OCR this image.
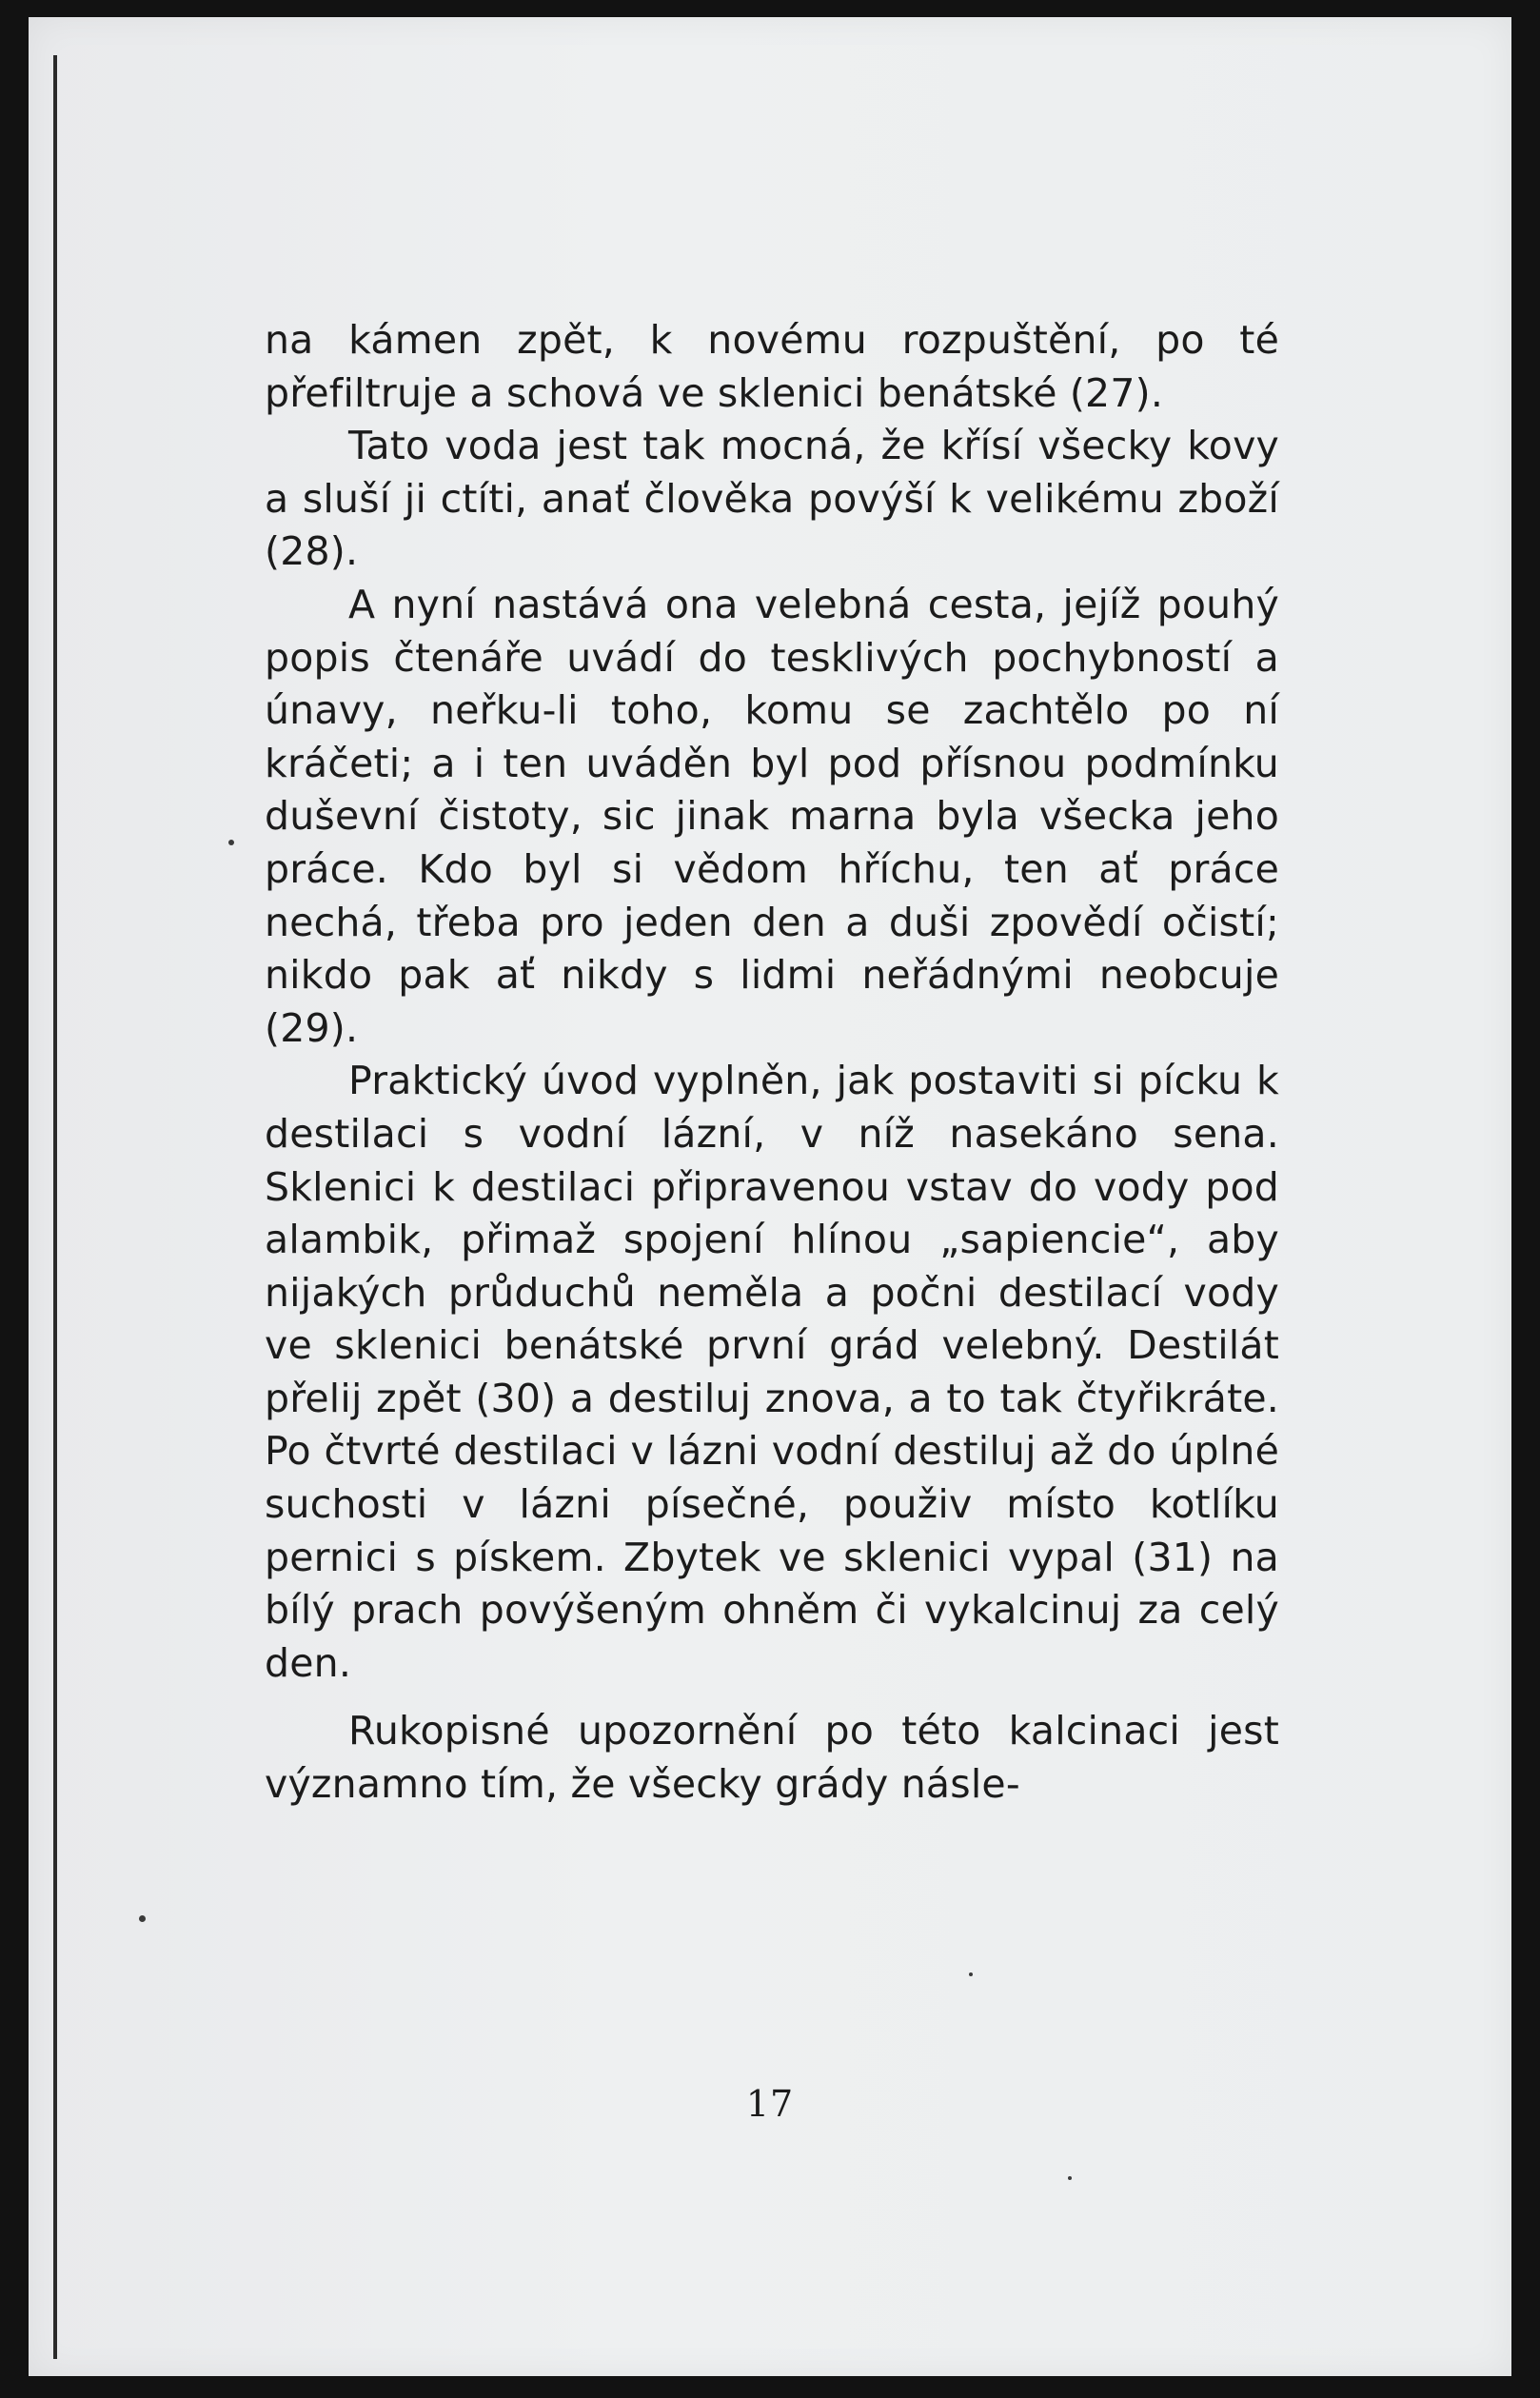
na kámen zpět, k novému rozpuštění, po té přefiltruje a schová ve sklenici benátské (27).

Tato voda jest tak mocná, že křísí všecky kovy a sluší ji ctíti, anať člověka povýší k velikému zboží (28).

A nyní nastává ona velebná cesta, jejíž pouhý popis čtenáře uvádí do tesklivých pochybností a únavy, neřku-li toho, komu se zachtělo po ní kráčeti; a i ten uváděn byl pod přísnou podmínku duševní čistoty, sic jinak marna byla všecka jeho práce. Kdo byl si vědom hříchu, ten ať práce nechá, třeba pro jeden den a duši zpovědí očistí; nikdo pak ať nikdy s lidmi neřádnými neobcuje (29).

Praktický úvod vyplněn, jak postaviti si pícku k destilaci s vodní lázní, v níž nasekáno sena. Sklenici k destilaci připravenou vstav do vody pod alambik, přimaž spojení hlínou „sapiencie“, aby nijakých průduchů neměla a počni destilací vody ve sklenici benátské první grád velebný. Destilát přelij zpět (30) a destiluj znova, a to tak čtyřikráte. Po čtvrté destilaci v lázni vodní destiluj až do úplné suchosti v lázni písečné, použiv místo kotlíku pernici s pískem. Zbytek ve sklenici vypal (31) na bílý prach povýšeným ohněm či vykalcinuj za celý den.

Rukopisné upozornění po této kalcinaci jest významno tím, že všecky grády násle-

17
